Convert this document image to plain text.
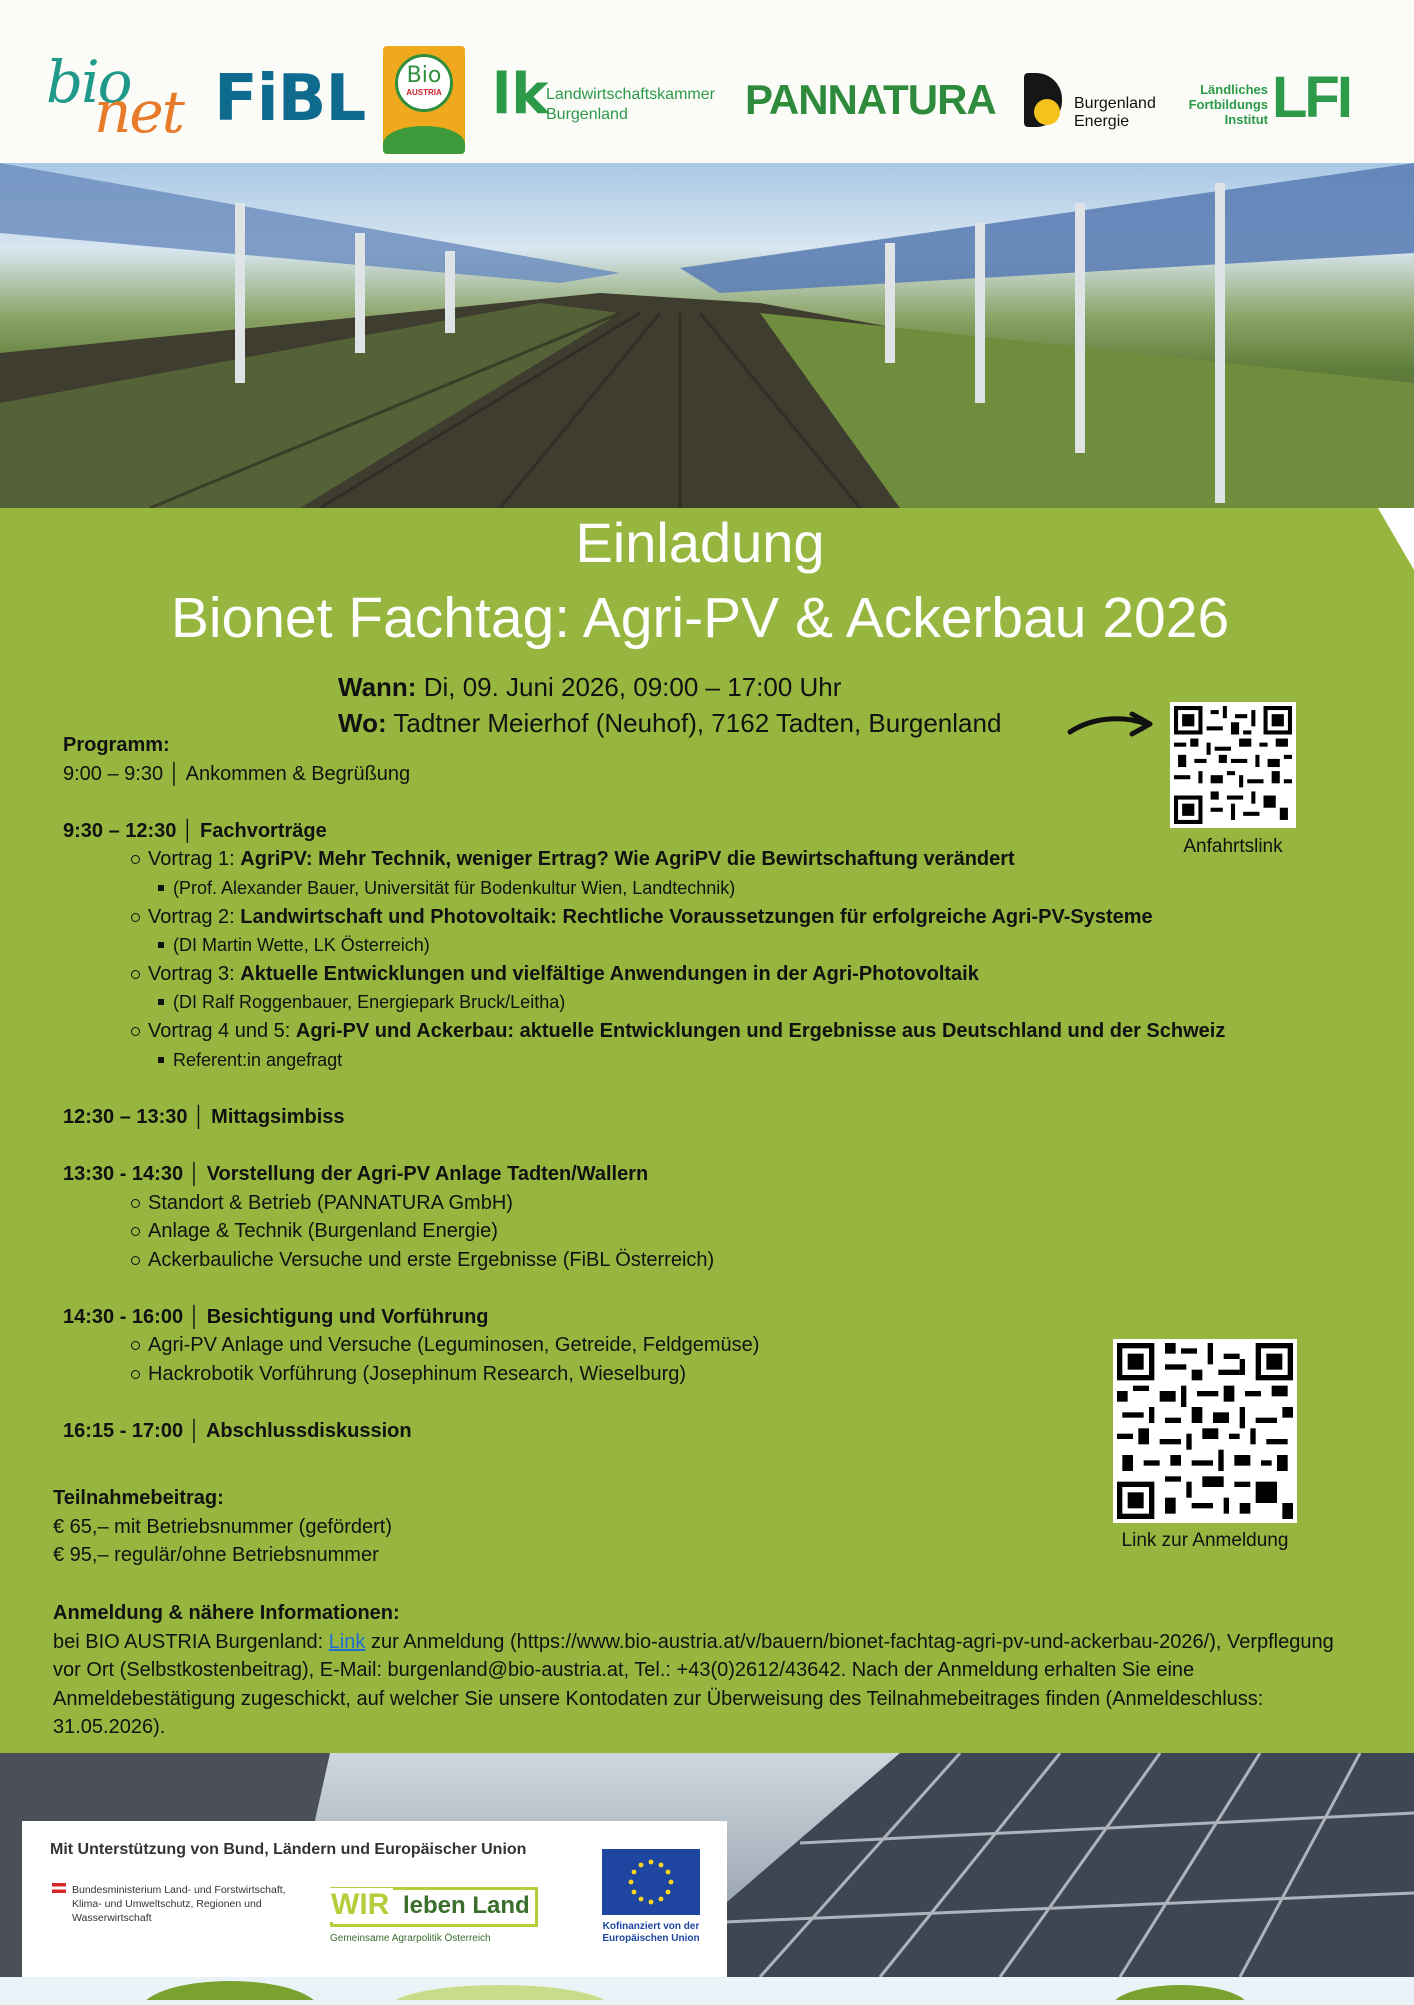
bio
net FiBL	Bio
AUSTRIA lk
Landwirtschaftskammer
Burgenland	PANNATURA	Burgenland
Energie
Ländliches
Fortbildungs
Institut LFI
Einladung
Bionet Fachtag: Agri-PV & Ackerbau 2026
Wann: Di, 09. Juni 2026, 09:00 – 17:00 Uhr
Wo: Tadtner Meierhof (Neuhof), 7162 Tadten, Burgenland
Anfahrtslink
Programm:
9:00 – 9:30 │ Ankommen & Begrüßung
9:30 – 12:30 │ Fachvorträge
Vortrag 1: AgriPV: Mehr Technik, weniger Ertrag? Wie AgriPV die Bewirtschaftung verändert
(Prof. Alexander Bauer, Universität für Bodenkultur Wien, Landtechnik)
Vortrag 2: Landwirtschaft und Photovoltaik: Rechtliche Voraussetzungen für erfolgreiche Agri-PV-Systeme
(DI Martin Wette, LK Österreich)
Vortrag 3: Aktuelle Entwicklungen und vielfältige Anwendungen in der Agri-Photovoltaik
(DI Ralf Roggenbauer, Energiepark Bruck/Leitha)
Vortrag 4 und 5: Agri-PV und Ackerbau: aktuelle Entwicklungen und Ergebnisse aus Deutschland und der Schweiz
Referent:in angefragt
12:30 – 13:30 │ Mittagsimbiss
13:30 - 14:30 │ Vorstellung der Agri-PV Anlage Tadten/Wallern
Standort & Betrieb (PANNATURA GmbH)
Anlage & Technik (Burgenland Energie)
Ackerbauliche Versuche und erste Ergebnisse (FiBL Österreich)
14:30 - 16:00 │ Besichtigung und Vorführung
Agri-PV Anlage und Versuche (Leguminosen, Getreide, Feldgemüse)
Hackrobotik Vorführung (Josephinum Research, Wieselburg)
16:15 - 17:00 │ Abschlussdiskussion
Link zur Anmeldung
Teilnahmebeitrag:
€ 65,– mit Betriebsnummer (gefördert)
€ 95,– regulär/ohne Betriebsnummer
Anmeldung & nähere Informationen:
bei BIO AUSTRIA Burgenland: Link zur Anmeldung (https://www.bio-austria.at/v/bauern/bionet-fachtag-agri-pv-und-ackerbau-2026/), Verpflegung vor Ort (Selbstkostenbeitrag), E-Mail: burgenland@bio-austria.at, Tel.: +43(0)2612/43642. Nach der Anmeldung erhalten Sie eine Anmeldebestätigung zugeschickt, auf welcher Sie unsere Kontodaten zur Überweisung des Teilnahmebeitrages finden (Anmeldeschluss: 31.05.2026).
Mit Unterstützung von Bund, Ländern und Europäischer Union
Bundesministerium Land- und Forstwirtschaft, Klima- und Umweltschutz, Regionen und Wasserwirtschaft	WIR leben Land
Gemeinsame Agrarpolitik Österreich
Kofinanziert von der Europäischen Union
